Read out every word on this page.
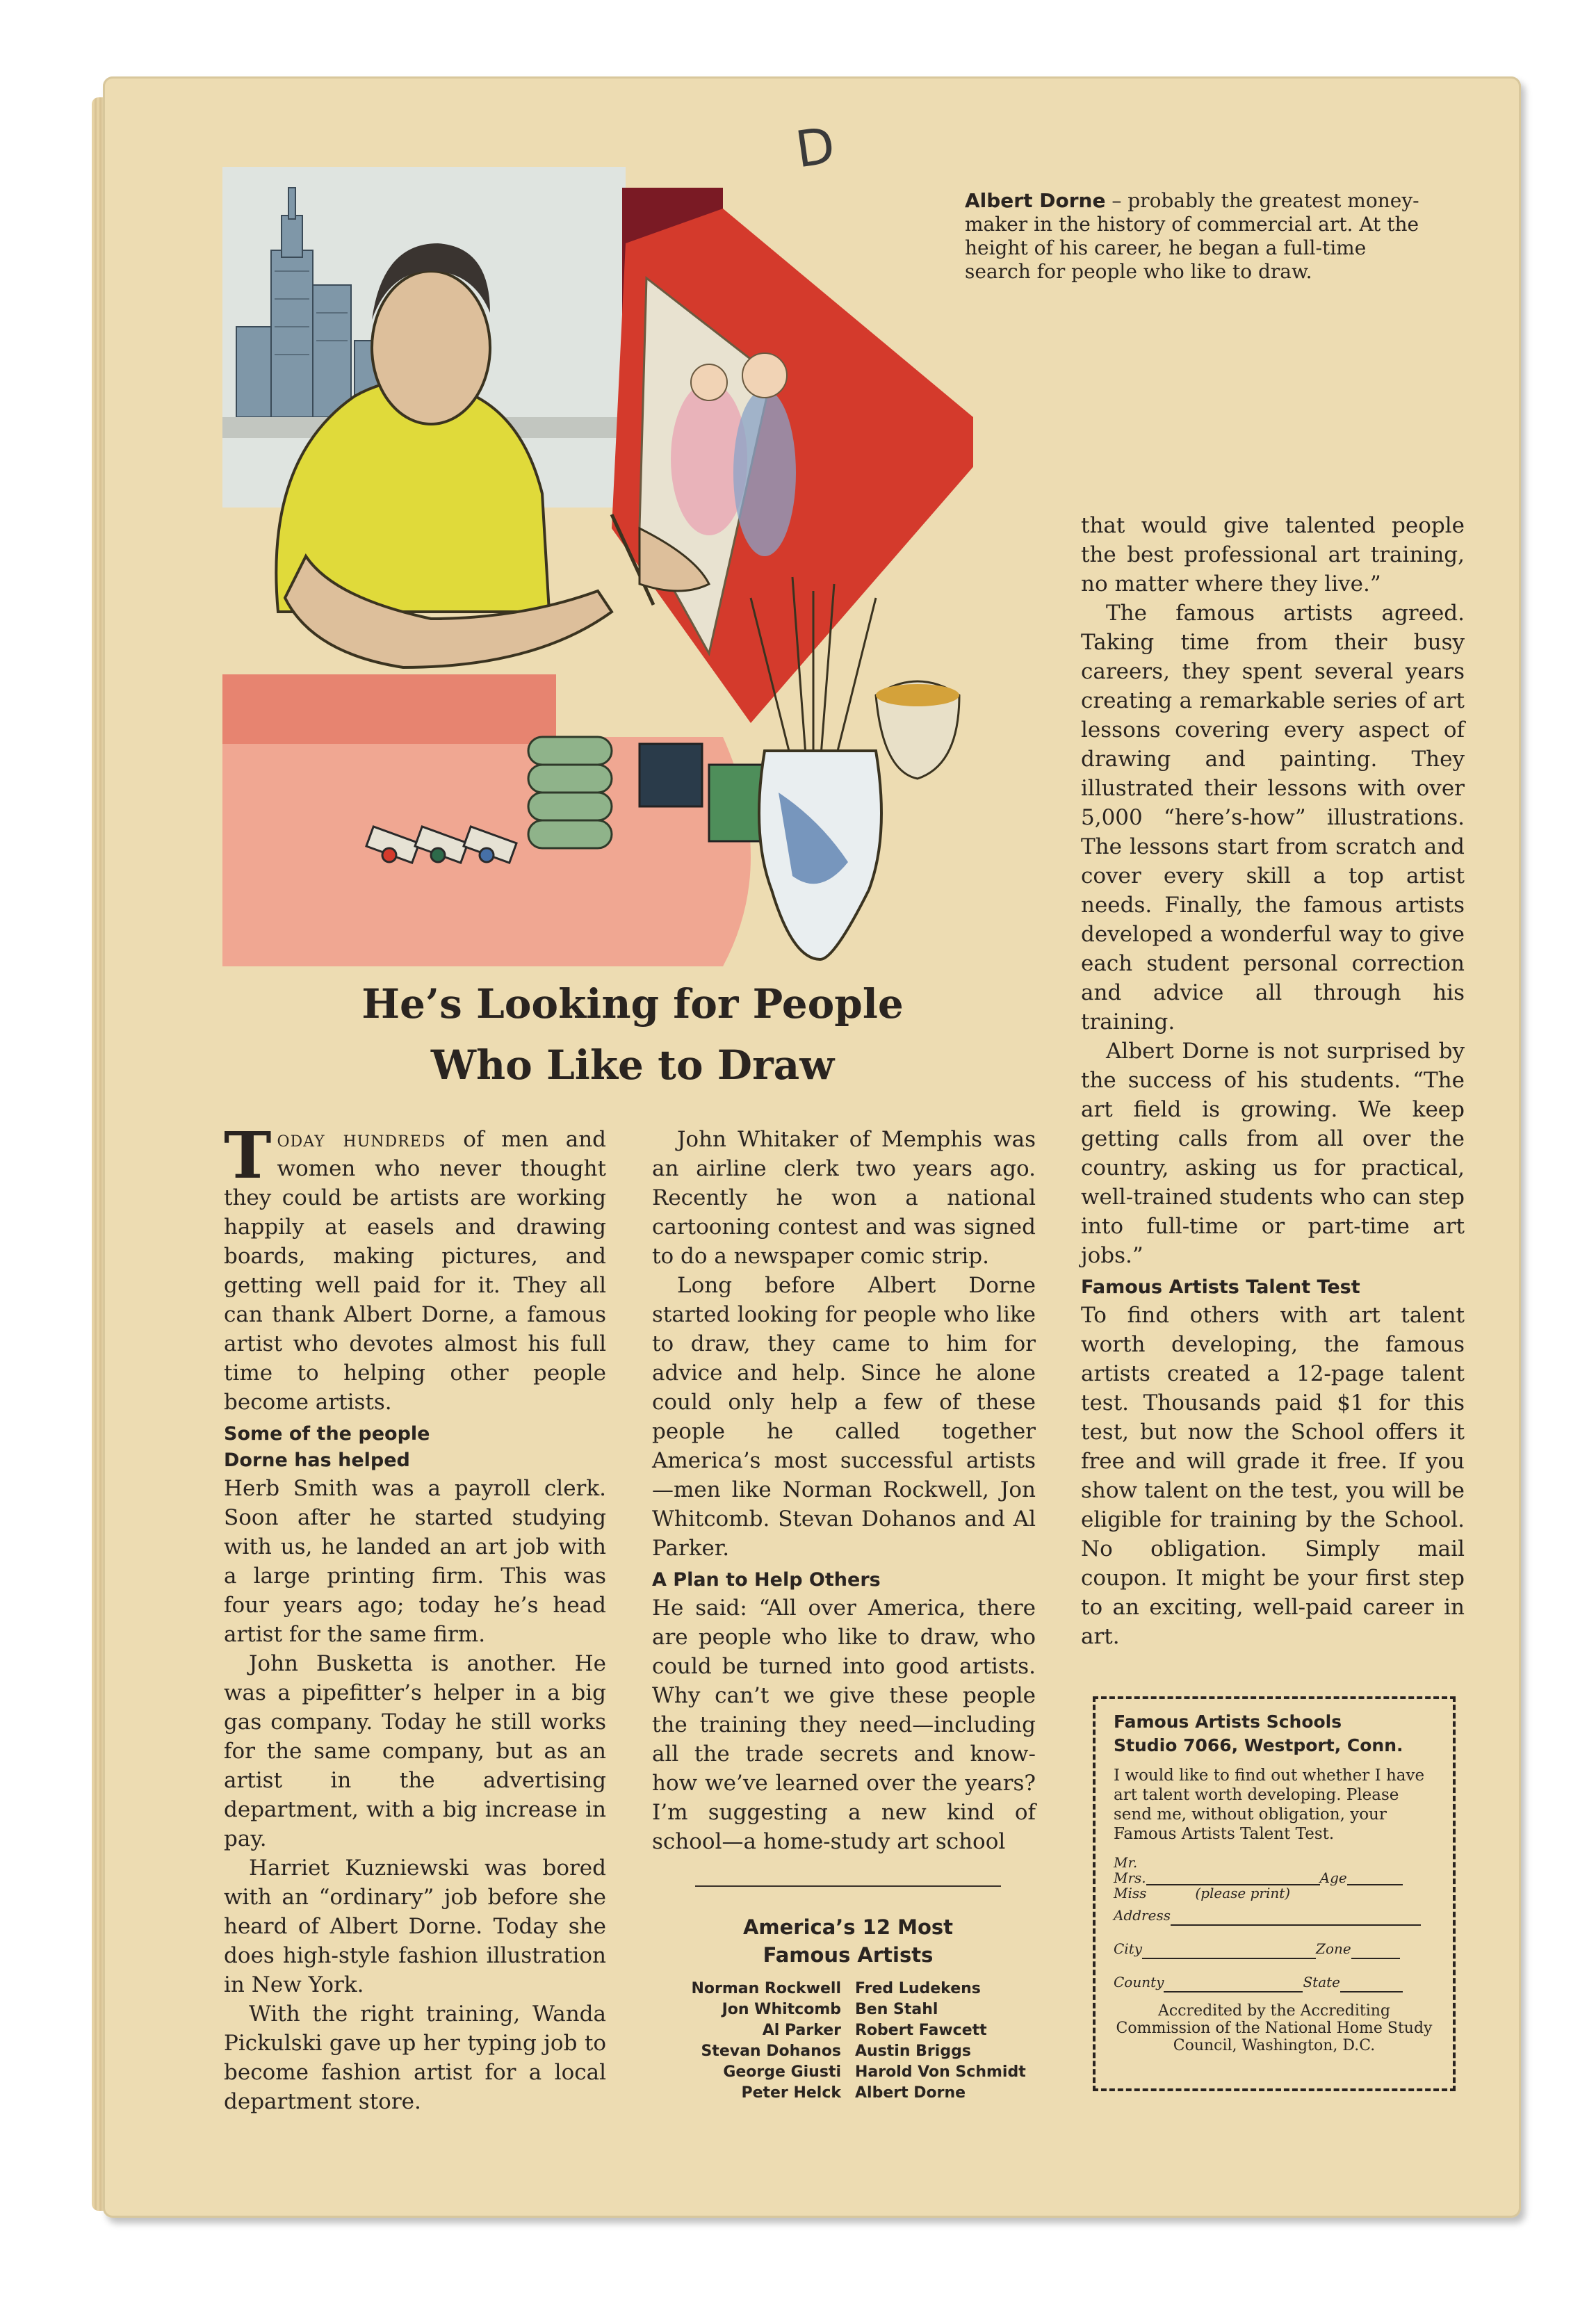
D
Albert Dorne – probably the greatest money-maker in the history of commercial art. At the height of his career, he began a full-time search for people who like to draw.
He’s Looking for People
Who Like to Draw

Today hundreds of men and women who never thought they could be artists are working happily at easels and drawing boards, making pictures, and getting well paid for it. They all can thank Albert Dorne, a famous artist who devotes almost his full time to helping other people become artists.

Some of the people
Dorne has helped

Herb Smith was a payroll clerk. Soon after he started studying with us, he landed an art job with a large printing firm. This was four years ago; today he’s head artist for the same firm.

John Busketta is another. He was a pipefitter’s helper in a big gas company. Today he still works for the same company, but as an artist in the advertising department, with a big increase in pay.

Harriet Kuzniewski was bored with an “ordinary” job before she heard of Albert Dorne. Today she does high-style fashion illustration in New York.

With the right training, Wanda Pickulski gave up her typing job to become fashion artist for a local department store.

John Whitaker of Memphis was an airline clerk two years ago. Recently he won a national cartooning contest and was signed to do a newspaper comic strip.

Long before Albert Dorne started looking for people who like to draw, they came to him for advice and help. Since he alone could only help a few of these people he called together America’s most successful artists—men like Norman Rockwell, Jon Whitcomb. Stevan Dohanos and Al Parker.

A Plan to Help Others

He said: “All over America, there are people who like to draw, who could be turned into good artists. Why can’t we give these people the training they need—including all the trade secrets and know-how we’ve learned over the years? I’m suggesting a new kind of school—a home-study art school

America’s 12 Most
Famous Artists
Norman Rockwell	Fred Ludekens
Jon Whitcomb	Ben Stahl
Al Parker	Robert Fawcett
Stevan Dohanos	Austin Briggs
George Giusti	Harold Von Schmidt
Peter Helck	Albert Dorne

that would give talented people the best professional art training, no matter where they live.”

The famous artists agreed. Taking time from their busy careers, they spent several years creating a remarkable series of art lessons covering every aspect of drawing and painting. They illustrated their lessons with over 5,000 “here’s-how” illustrations. The lessons start from scratch and cover every skill a top artist needs. Finally, the famous artists developed a wonderful way to give each student personal correction and advice all through his training.

Albert Dorne is not surprised by the success of his students. “The art field is growing. We keep getting calls from all over the country, asking us for practical, well-trained students who can step into full-time or part-time art jobs.”

Famous Artists Talent Test

To find others with art talent worth developing, the famous artists created a 12-page talent test. Thousands paid $1 for this test, but now the School offers it free and will grade it free. If you show talent on the test, you will be eligible for training by the School. No obligation. Simply mail coupon. It might be your first step to an exciting, well-paid career in art.

Famous Artists Schools
Studio 7066, Westport, Conn.
I would like to find out whether I have art talent worth developing. Please send me, without obligation, your Famous Artists Talent Test.
Mr.
Mrs.	Age
Miss	(please print)
Address
City	Zone
County	State
Accredited by the Accrediting Commission of the National Home Study Council, Washington, D.C.
